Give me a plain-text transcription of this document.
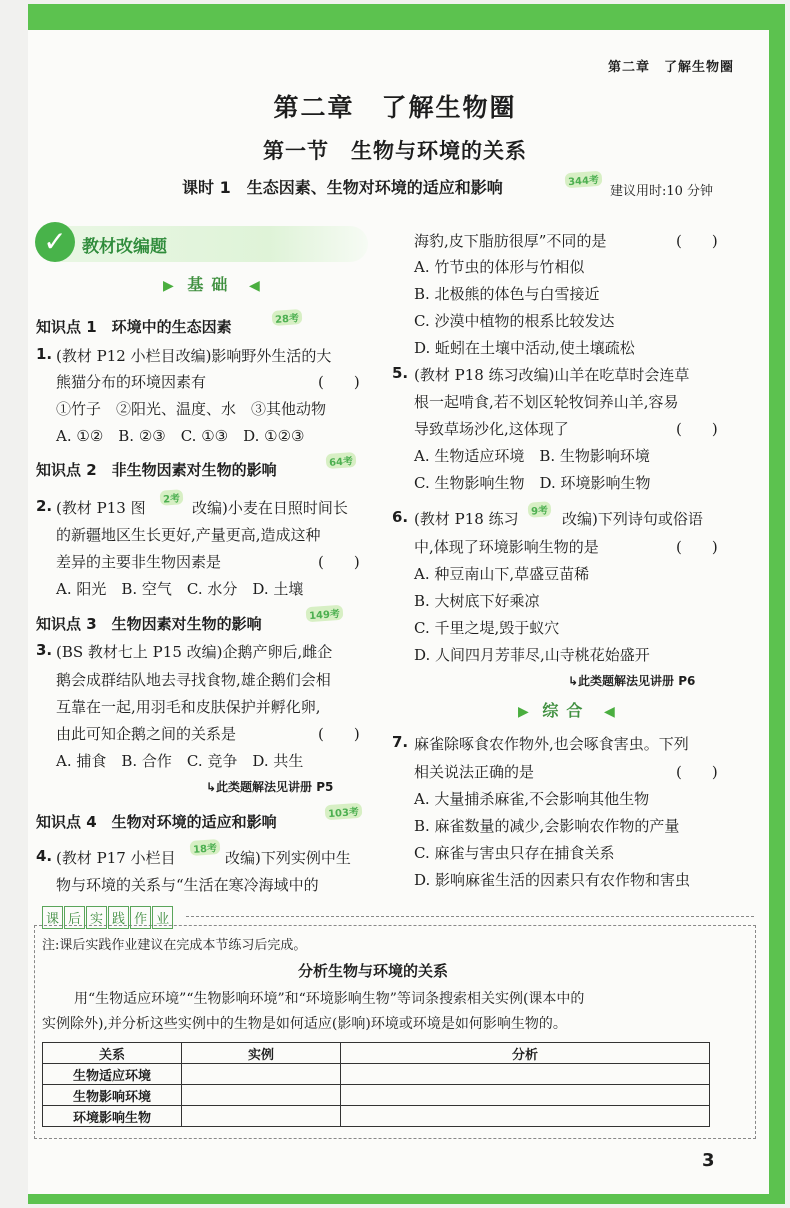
第二章　了解生物圈
第二章　了解生物圈
第一节　生物与环境的关系
课时 1　生态因素、生物对环境的适应和影响	344考
建议用时:10 分钟
✓ 教材改编题
▶ 基础 ◀
知识点 1　环境中的生态因素	28考
1. (教材 P12 小栏目改编)影响野外生活的大
熊猫分布的环境因素有	(　　)
①竹子　②阳光、温度、水　③其他动物
A. ①②　B. ②③　C. ①③　D. ①②③
知识点 2　非生物因素对生物的影响	64考
2. (教材 P13 图	2考 改编)小麦在日照时间长
的新疆地区生长更好,产量更高,造成这种
差异的主要非生物因素是	(　　)
A. 阳光　B. 空气　C. 水分　D. 土壤
知识点 3　生物因素对生物的影响	149考
3. (BS 教材七上 P15 改编)企鹅产卵后,雌企
鹅会成群结队地去寻找食物,雄企鹅们会相
互靠在一起,用羽毛和皮肤保护并孵化卵,
由此可知企鹅之间的关系是	(　　)
A. 捕食　B. 合作　C. 竞争　D. 共生
↳此类题解法见讲册 P5
知识点 4　生物对环境的适应和影响	103考
4. (教材 P17 小栏目	18考 改编)下列实例中生
物与环境的关系与“生活在寒冷海域中的
海豹,皮下脂肪很厚”不同的是	(　　)
A. 竹节虫的体形与竹相似
B. 北极熊的体色与白雪接近
C. 沙漠中植物的根系比较发达
D. 蚯蚓在土壤中活动,使土壤疏松
5. (教材 P18 练习改编)山羊在吃草时会连草
根一起啃食,若不划区轮牧饲养山羊,容易
导致草场沙化,这体现了	(　　)
A. 生物适应环境　B. 生物影响环境
C. 生物影响生物　D. 环境影响生物
6. (教材 P18 练习	9考 改编)下列诗句或俗语
中,体现了环境影响生物的是	(　　)
A. 种豆南山下,草盛豆苗稀
B. 大树底下好乘凉
C. 千里之堤,毁于蚁穴
D. 人间四月芳菲尽,山寺桃花始盛开
↳此类题解法见讲册 P6
▶ 综合 ◀
7. 麻雀除啄食农作物外,也会啄食害虫。下列
相关说法正确的是	(　　)
A. 大量捕杀麻雀,不会影响其他生物
B. 麻雀数量的减少,会影响农作物的产量
C. 麻雀与害虫只存在捕食关系
D. 影响麻雀生活的因素只有农作物和害虫
课 后 实 践 作 业
注:课后实践作业建议在完成本节练习后完成。
分析生物与环境的关系
用“生物适应环境”“生物影响环境”和“环境影响生物”等词条搜索相关实例(课本中的
实例除外),并分析这些实例中的生物是如何适应(影响)环境或环境是如何影响生物的。
关系	实例	分析
生物适应环境		
生物影响环境		
环境影响生物		
3
